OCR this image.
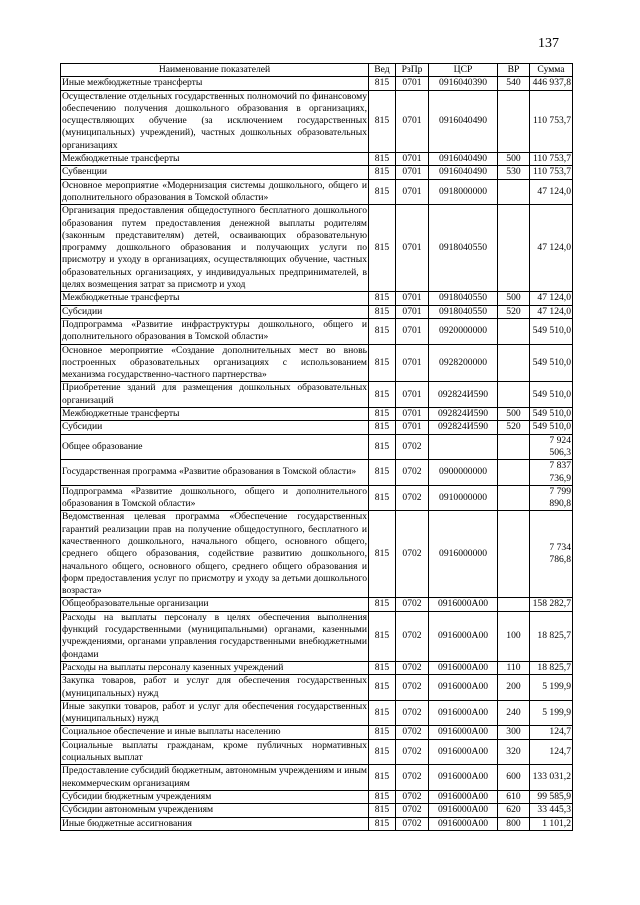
137
Наименование показателей	Вед	РзПр	ЦСР	ВР	Сумма
Иные межбюджетные трансферты	815	0701	0916040390	540	446 937,8
Осуществление отдельных государственных полномочий по финансовому обеспечению получения дошкольного образования в организациях, осуществляющих обучение (за исключением государственных (муниципальных) учреждений), частных дошкольных образовательных организациях	815	0701	0916040490		110 753,7
Межбюджетные трансферты	815	0701	0916040490	500	110 753,7
Субвенции	815	0701	0916040490	530	110 753,7
Основное мероприятие «Модернизация системы дошкольного, общего и дополнительного образования в Томской области»	815	0701	0918000000		47 124,0
Организация предоставления общедоступного бесплатного дошкольного образования путем предоставления денежной выплаты родителям (законным представителям) детей, осваивающих образовательную программу дошкольного образования и получающих услуги по присмотру и уходу в организациях, осуществляющих обучение, частных образовательных организациях, у индивидуальных предпринимателей, в целях возмещения затрат за присмотр и уход	815	0701	0918040550		47 124,0
Межбюджетные трансферты	815	0701	0918040550	500	47 124,0
Субсидии	815	0701	0918040550	520	47 124,0
Подпрограмма «Развитие инфраструктуры дошкольного, общего и дополнительного образования в Томской области»	815	0701	0920000000		549 510,0
Основное мероприятие «Создание дополнительных мест во вновь построенных образовательных организациях с использованием механизма государственно-частного партнерства»	815	0701	0928200000		549 510,0
Приобретение зданий для размещения дошкольных образовательных организаций	815	0701	092824И590		549 510,0
Межбюджетные трансферты	815	0701	092824И590	500	549 510,0
Субсидии	815	0701	092824И590	520	549 510,0
Общее образование	815	0702			7 924 506,3
Государственная программа «Развитие образования в Томской области»	815	0702	0900000000		7 837 736,9
Подпрограмма «Развитие дошкольного, общего и дополнительного образования в Томской области»	815	0702	0910000000		7 799 890,8
Ведомственная целевая программа «Обеспечение государственных гарантий реализации прав на получение общедоступного, бесплатного и качественного дошкольного, начального общего, основного общего, среднего общего образования, содействие развитию дошкольного, начального общего, основного общего, среднего общего образования и форм предоставления услуг по присмотру и уходу за детьми дошкольного возраста»	815	0702	0916000000		7 734 786,8
Общеобразовательные организации	815	0702	0916000А00		158 282,7
Расходы на выплаты персоналу в целях обеспечения выполнения функций государственными (муниципальными) органами, казенными учреждениями, органами управления государственными внебюджетными фондами	815	0702	0916000А00	100	18 825,7
Расходы на выплаты персоналу казенных учреждений	815	0702	0916000А00	110	18 825,7
Закупка товаров, работ и услуг для обеспечения государственных (муниципальных) нужд	815	0702	0916000А00	200	5 199,9
Иные закупки товаров, работ и услуг для обеспечения государственных (муниципальных) нужд	815	0702	0916000А00	240	5 199,9
Социальное обеспечение и иные выплаты населению	815	0702	0916000А00	300	124,7
Социальные выплаты гражданам, кроме публичных нормативных социальных выплат	815	0702	0916000А00	320	124,7
Предоставление субсидий бюджетным, автономным учреждениям и иным некоммерческим организациям	815	0702	0916000А00	600	133 031,2
Субсидии бюджетным учреждениям	815	0702	0916000А00	610	99 585,9
Субсидии автономным учреждениям	815	0702	0916000А00	620	33 445,3
Иные бюджетные ассигнования	815	0702	0916000А00	800	1 101,2
